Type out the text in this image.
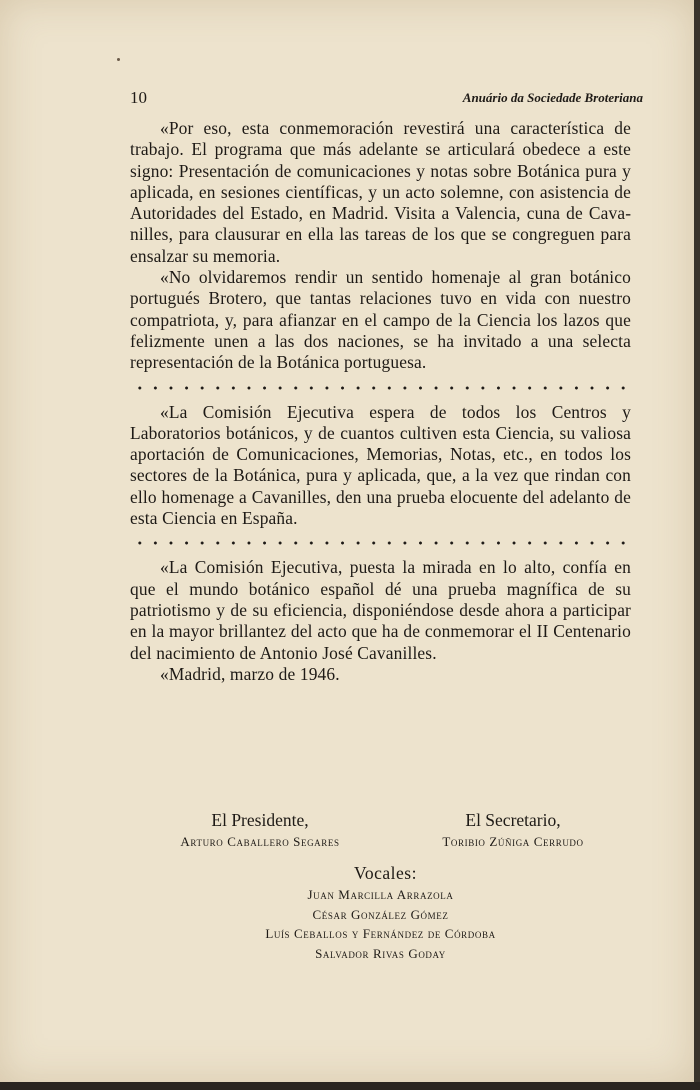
10	Anuário da Sociedade Broteriana

«Por eso, esta conmemoración revestirá una característica de trabajo. El programa que más adelante se articulará obedece a este signo: Presentación de comunicaciones y notas sobre Botánica pura y aplicada, en sesiones científicas, y un acto solemne, con asistencia de Autoridades del Estado, en Madrid. Visita a Valencia, cuna de Cavanilles, para clausurar en ella las tareas de los que se congreguen para ensalzar su memoria.

«No olvidaremos rendir un sentido homenaje al gran botánico portugués Brotero, que tantas relaciones tuvo en vida con nuestro compatriota, y, para afianzar en el campo de la Ciencia los lazos que felizmente unen a las dos naciones, se ha invitado a una selecta representación de la Botánica portuguesa.

«La Comisión Ejecutiva espera de todos los Centros y Laboratorios botánicos, y de cuantos cultiven esta Ciencia, su valiosa aportación de Comunicaciones, Memorias, Notas, etc., en todos los sectores de la Botánica, pura y aplicada, que, a la vez que rindan con ello homenage a Cavanilles, den una prueba elocuente del adelanto de esta Ciencia en España.

«La Comisión Ejecutiva, puesta la mirada en lo alto, confía en que el mundo botánico español dé una prueba magnífica de su patriotismo y de su eficiencia, disponiéndose desde ahora a participar en la mayor brillantez del acto que ha de conmemorar el II Centenario del nacimiento de Antonio José Cavanilles.

«Madrid, marzo de 1946.

El Presidente,
Arturo Caballero Segares
El Secretario,
Toribio Zúñiga Cerrudo
Vocales:
Juan Marcilla Arrazola
César González Gómez
Luís Ceballos y Fernández de Córdoba
Salvador Rivas Goday
